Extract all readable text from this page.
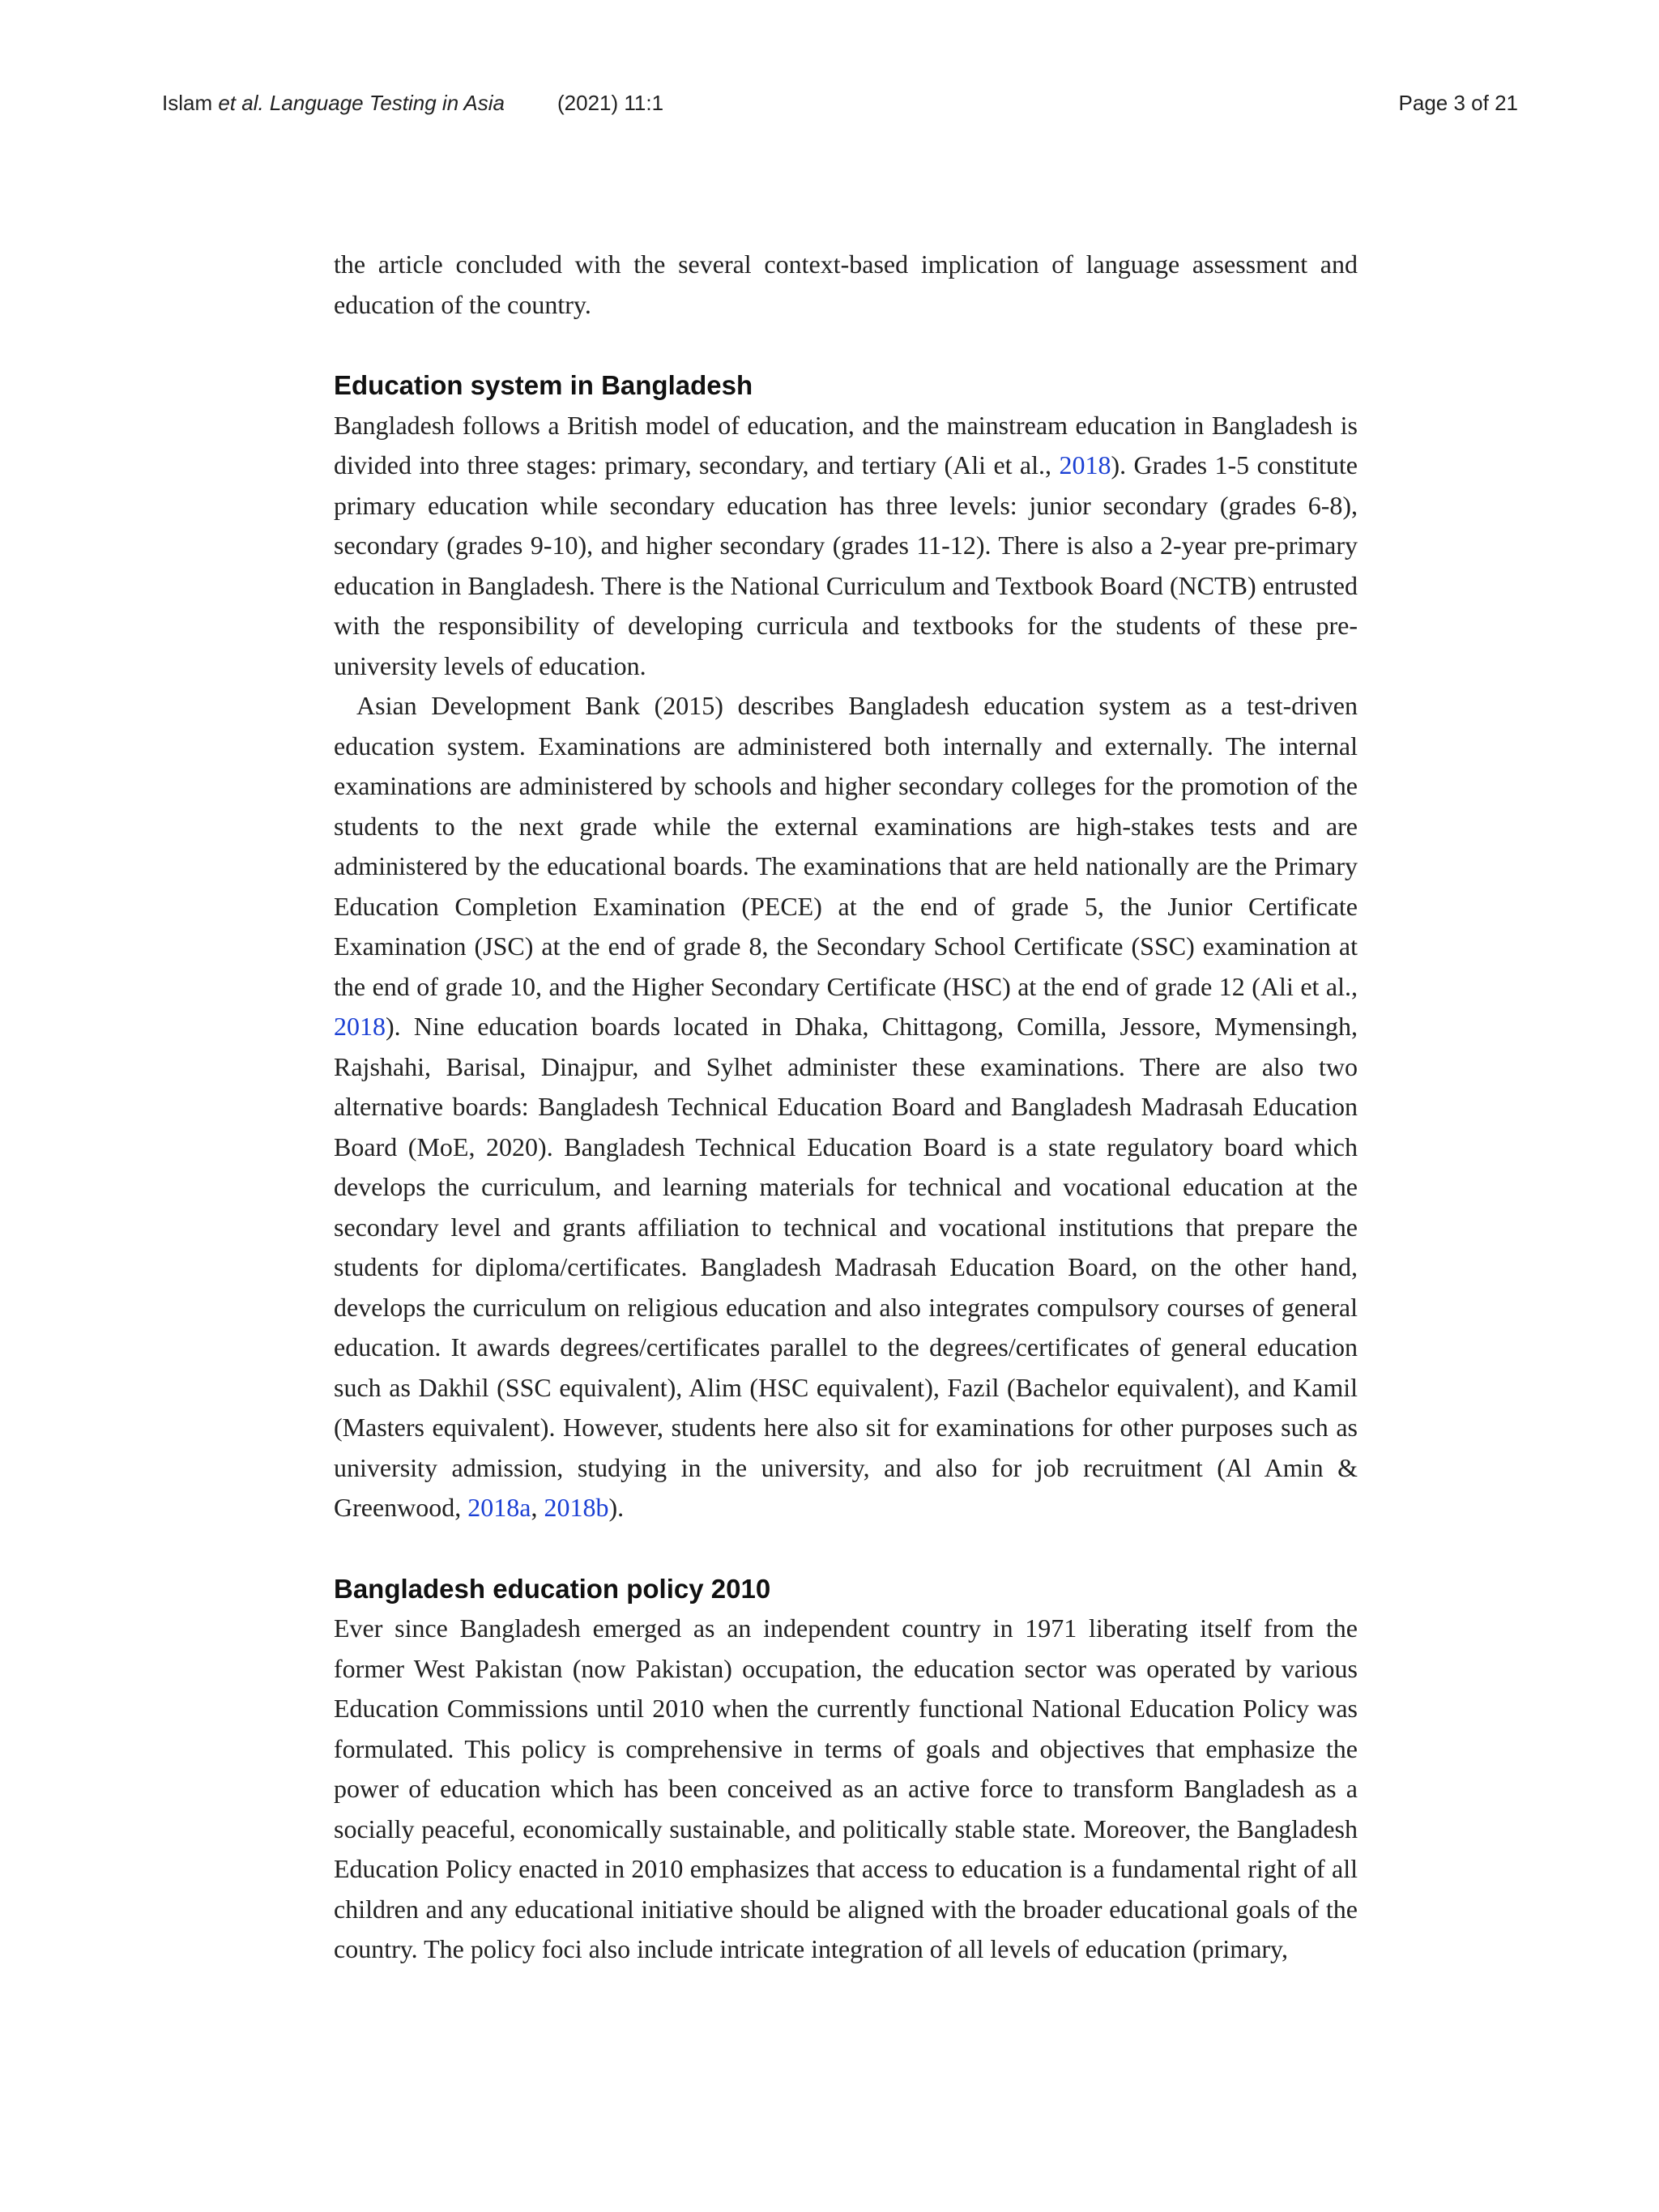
Islam et al. Language Testing in Asia (2021) 11:1	Page 3 of 21

the article concluded with the several context-based implication of language assessment and education of the country.

Education system in Bangladesh

Bangladesh follows a British model of education, and the mainstream education in Bangladesh is divided into three stages: primary, secondary, and tertiary (Ali et al., 2018). Grades 1-5 constitute primary education while secondary education has three levels: junior secondary (grades 6-8), secondary (grades 9-10), and higher secondary (grades 11-12). There is also a 2-year pre-primary education in Bangladesh. There is the National Curriculum and Textbook Board (NCTB) entrusted with the responsibility of developing curricula and textbooks for the students of these pre-university levels of education.

Asian Development Bank (2015) describes Bangladesh education system as a test-driven education system. Examinations are administered both internally and externally. The internal examinations are administered by schools and higher secondary colleges for the promotion of the students to the next grade while the external examinations are high-stakes tests and are administered by the educational boards. The examinations that are held nationally are the Primary Education Completion Examination (PECE) at the end of grade 5, the Junior Certificate Examination (JSC) at the end of grade 8, the Secondary School Certificate (SSC) examination at the end of grade 10, and the Higher Secondary Certificate (HSC) at the end of grade 12 (Ali et al., 2018). Nine education boards located in Dhaka, Chittagong, Comilla, Jessore, Mymensingh, Rajshahi, Barisal, Dinajpur, and Sylhet administer these examinations. There are also two alternative boards: Bangladesh Technical Education Board and Bangladesh Madrasah Education Board (MoE, 2020). Bangladesh Technical Education Board is a state regulatory board which develops the curriculum, and learning materials for technical and vocational education at the secondary level and grants affiliation to technical and vocational institutions that prepare the students for diploma/certificates. Bangladesh Madrasah Education Board, on the other hand, develops the curriculum on religious education and also integrates compulsory courses of general education. It awards degrees/certificates parallel to the degrees/certificates of general education such as Dakhil (SSC equivalent), Alim (HSC equivalent), Fazil (Bachelor equivalent), and Kamil (Masters equivalent). However, students here also sit for examinations for other purposes such as university admission, studying in the university, and also for job recruitment (Al Amin & Greenwood, 2018a, 2018b).

Bangladesh education policy 2010

Ever since Bangladesh emerged as an independent country in 1971 liberating itself from the former West Pakistan (now Pakistan) occupation, the education sector was operated by various Education Commissions until 2010 when the currently functional National Education Policy was formulated. This policy is comprehensive in terms of goals and objectives that emphasize the power of education which has been conceived as an active force to transform Bangladesh as a socially peaceful, economically sustainable, and politically stable state. Moreover, the Bangladesh Education Policy enacted in 2010 emphasizes that access to education is a fundamental right of all children and any educational initiative should be aligned with the broader educational goals of the country. The policy foci also include intricate integration of all levels of education (primary,
